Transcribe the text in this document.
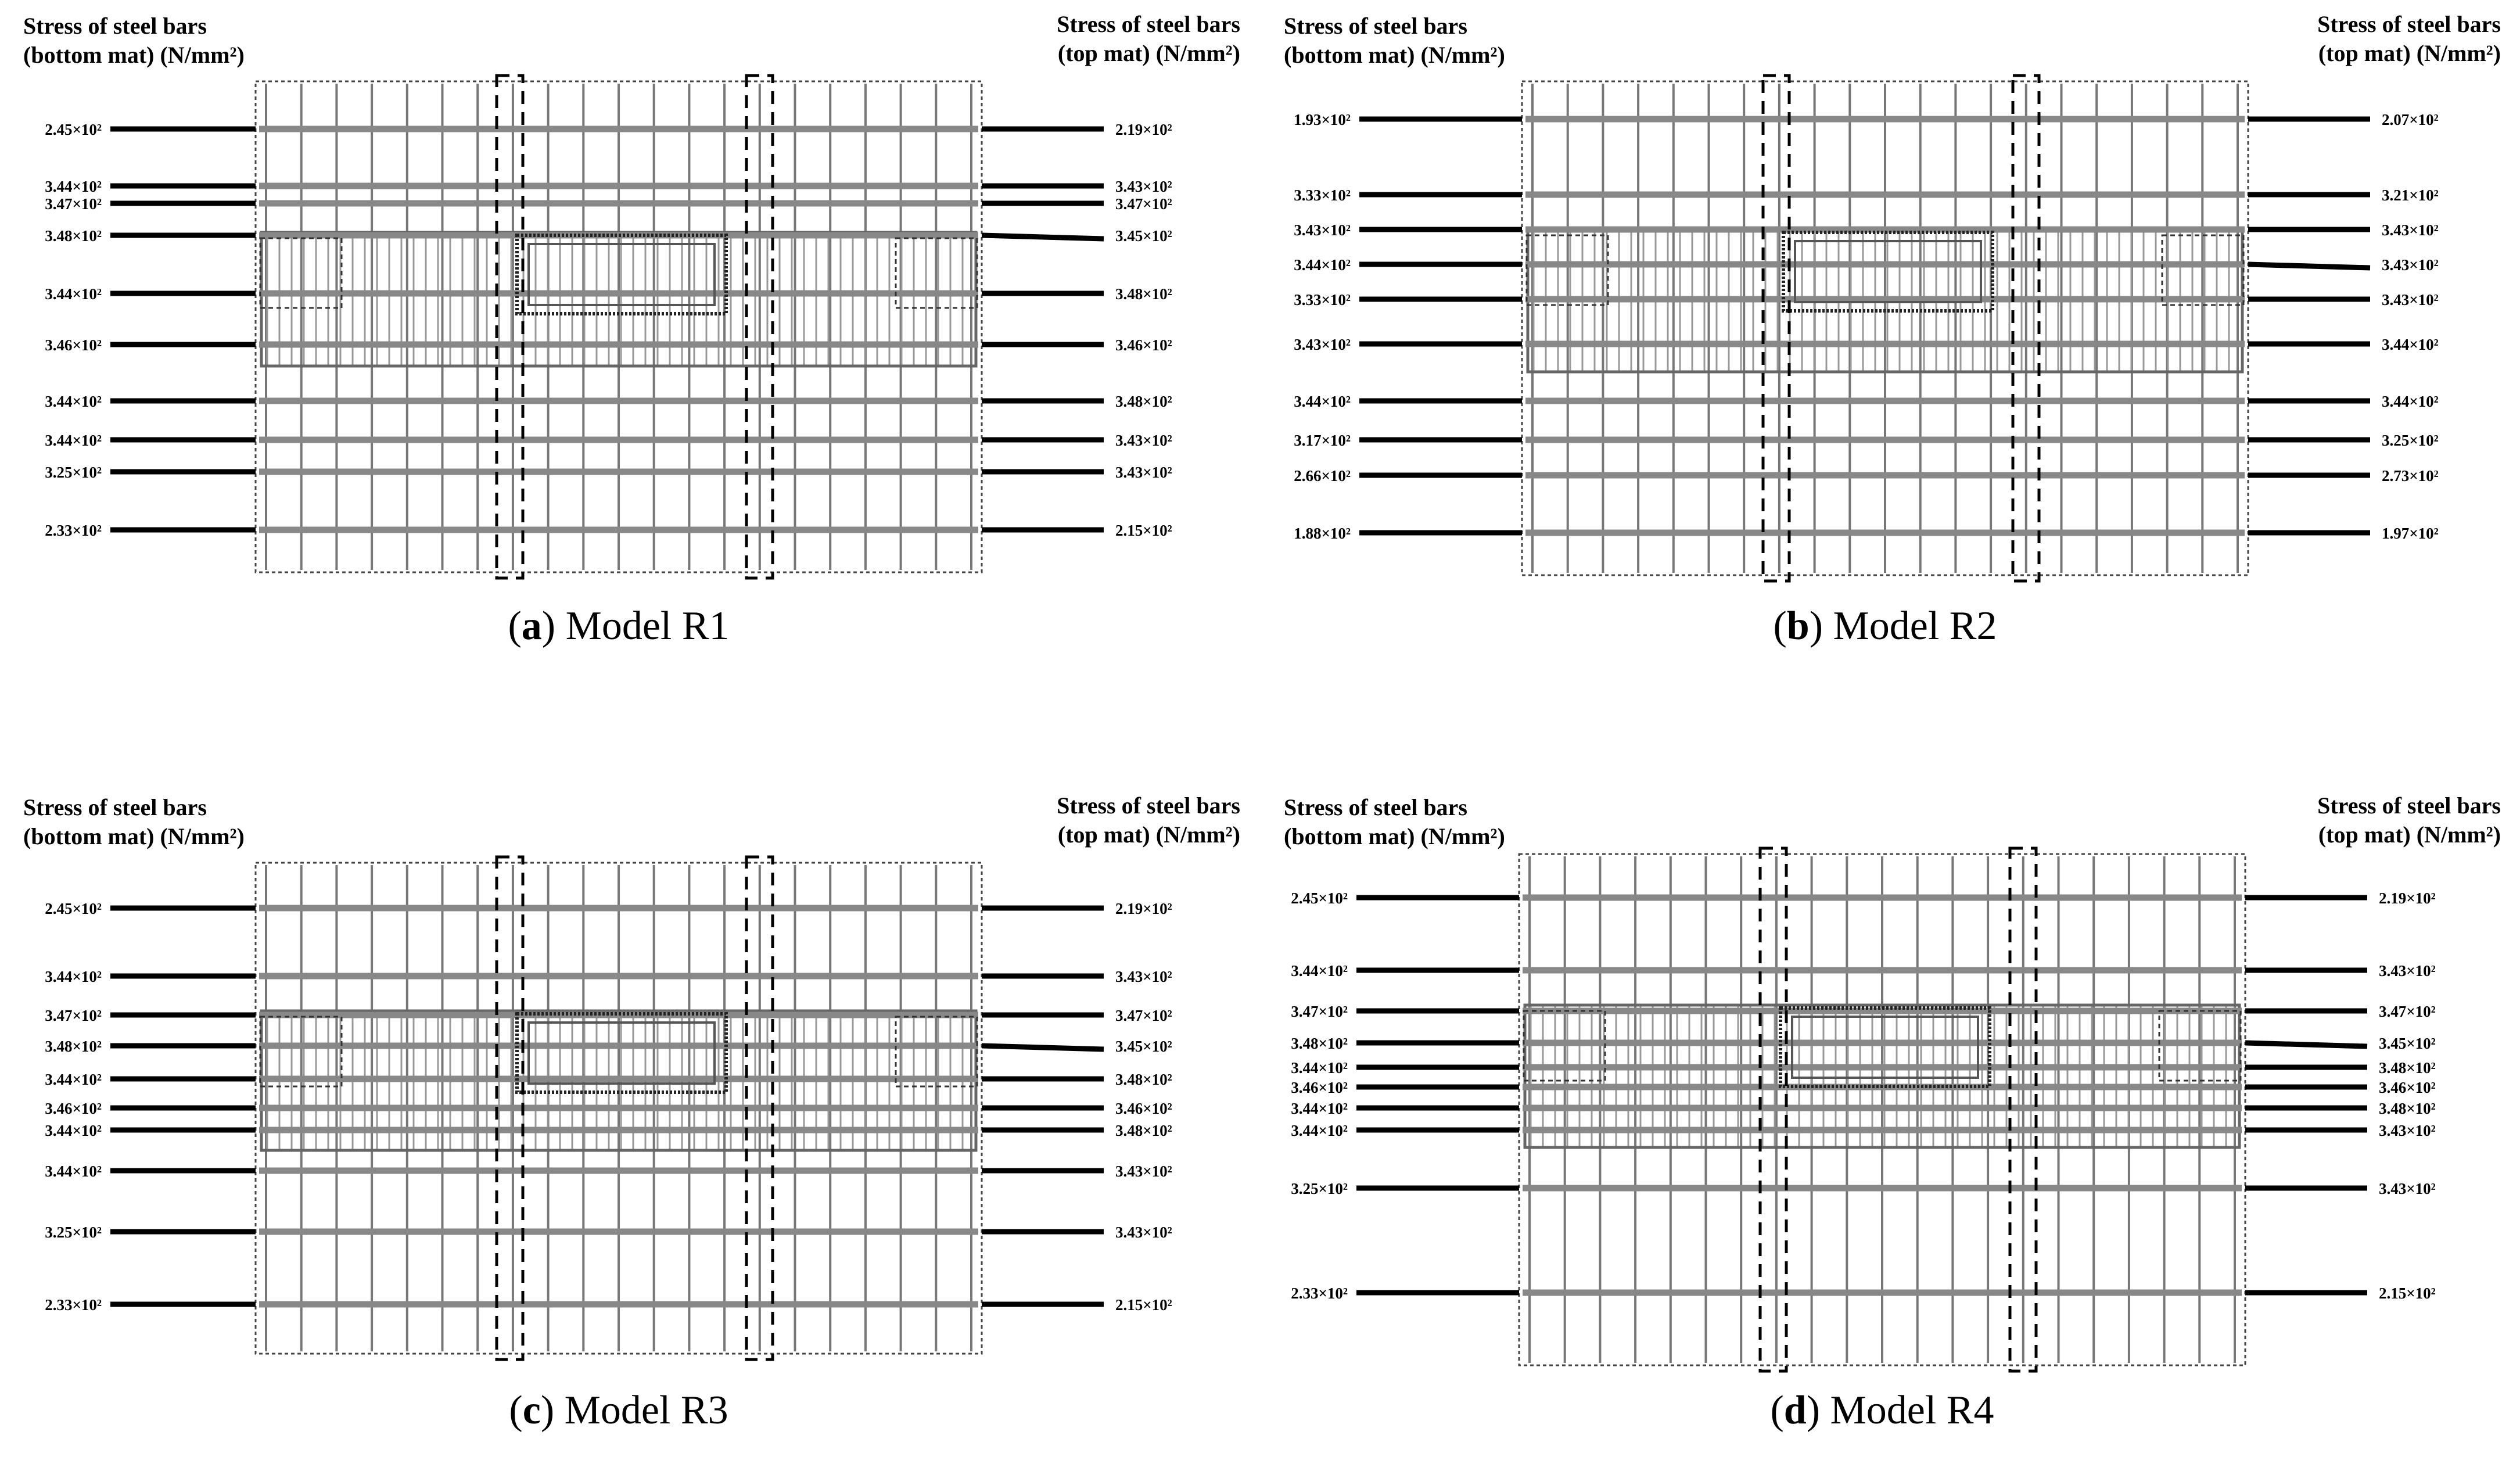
Stress of steel bars (bottom mat) (N/mm²)
Stress of steel bars (top mat) (N/mm²)
2.45×10²	2.19×10²
3.44×10²	3.43×10²
3.47×10²	3.47×10²
3.48×10²	3.45×10²
3.44×10²	3.48×10²
3.46×10²	3.46×10²
3.44×10²	3.48×10²
3.44×10²	3.43×10²
3.25×10²	3.43×10²
2.33×10²	2.15×10²
(a) Model R1
Stress of steel bars (bottom mat) (N/mm²)
Stress of steel bars (top mat) (N/mm²)
1.93×10²	2.07×10²
3.33×10²	3.21×10²
3.43×10²	3.43×10²
3.44×10²	3.43×10²
3.33×10²	3.43×10²
3.43×10²	3.44×10²
3.44×10²	3.44×10²
3.17×10²	3.25×10²
2.66×10²	2.73×10²
1.88×10²	1.97×10²
(b) Model R2
Stress of steel bars (bottom mat) (N/mm²)
Stress of steel bars (top mat) (N/mm²)
2.45×10²	2.19×10²
3.44×10²	3.43×10²
3.47×10²	3.47×10²
3.48×10²	3.45×10²
3.44×10²	3.48×10²
3.46×10²	3.46×10²
3.44×10²	3.48×10²
3.44×10²	3.43×10²
3.25×10²	3.43×10²
2.33×10²	2.15×10²
(c) Model R3
Stress of steel bars (bottom mat) (N/mm²)
Stress of steel bars (top mat) (N/mm²)
2.45×10²	2.19×10²
3.44×10²	3.43×10²
3.47×10²	3.47×10²
3.48×10²	3.45×10²
3.44×10²	3.48×10²
3.46×10²	3.46×10²
3.44×10²	3.48×10²
3.44×10²	3.43×10²
3.25×10²	3.43×10²
2.33×10²	2.15×10²
(d) Model R4
